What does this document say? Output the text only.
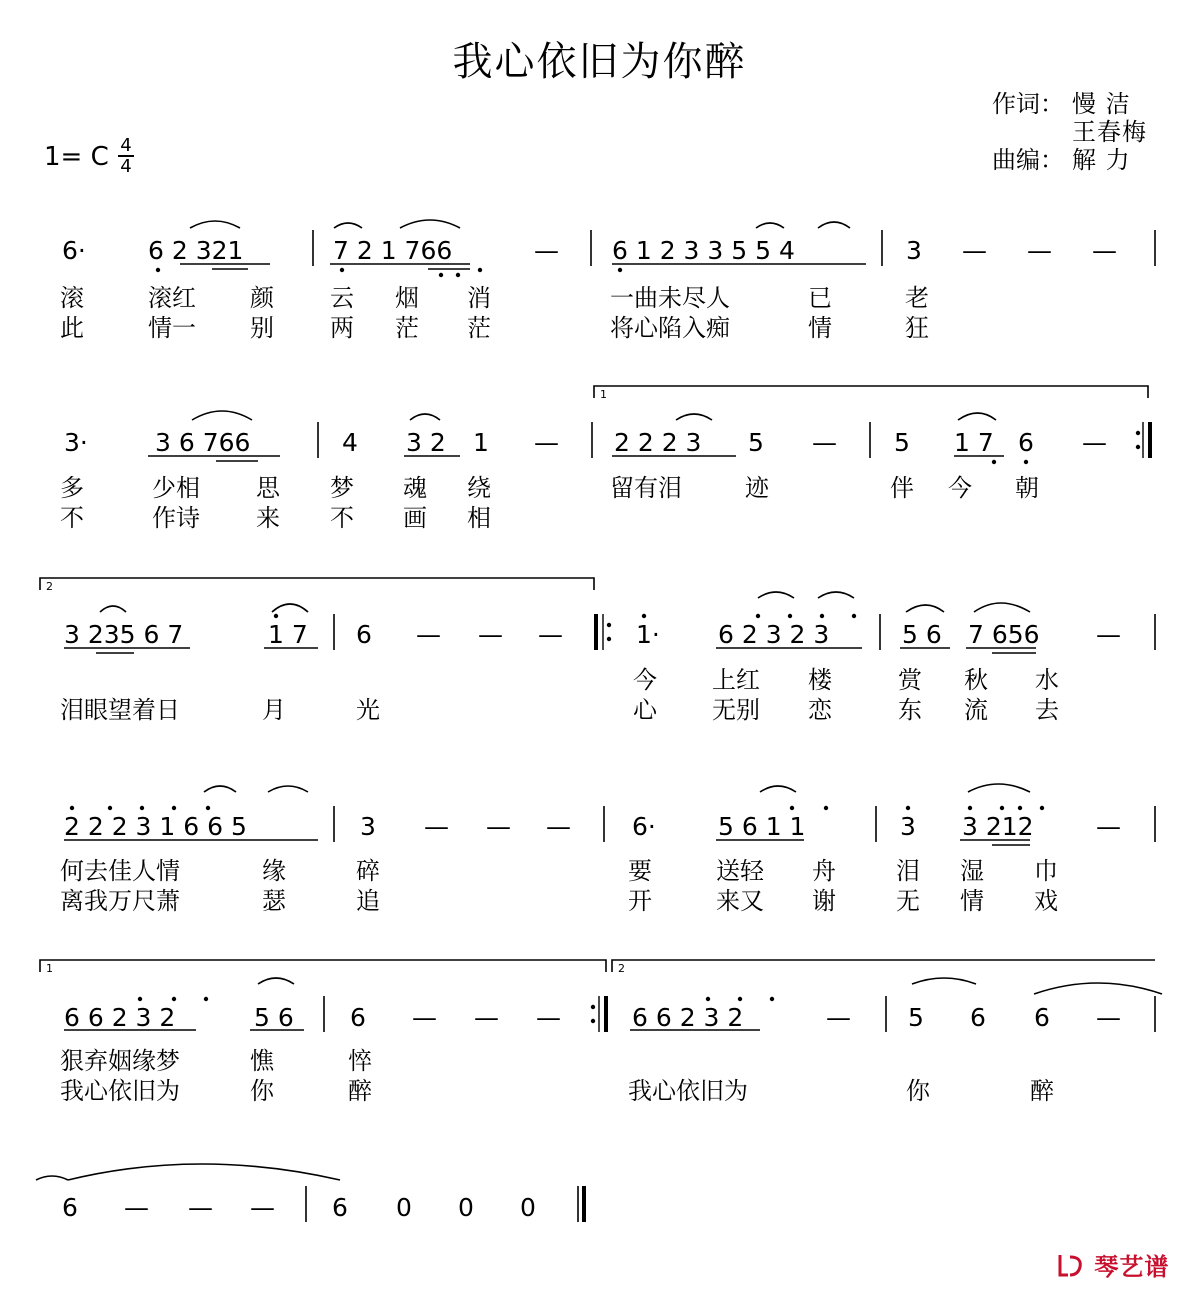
我心依旧为你醉
1= C 4
4
作词： 慢 洁
王春梅
曲编： 解 力
6· 6 2 321	7 2 1 766	— 6 1 2 3 3 5 5 4	3 — — —
滚	滚红 颜 云 烟 消	一曲未尽人	已	老
此	情一 别 两 茫 茫	将心陷入痴	情	狂
3·	3 6 766	4 3 2 1 — 2 2 2 3 5 — 5 1 7 6 —
多	少相 思 梦 魂 绕	留有泪	迹	伴 今 朝
不	作诗 来 不 画 相
3 235 6 7	1 7 6 — — —	1· 6 2 3 2 3	5 6 7 656 —
今 上红 楼	赏 秋 水
泪眼望着日	月	光	心 无别 恋	东 流 去
2 2 2 3 1 6 6 5	3 — — — 6· 5 6 1 1	3 3 212 —
何去佳人情	缘	碎	要	送轻 舟	泪 湿 巾
离我万尺萧	瑟	追	开	来又 谢	无 情 戏
6 6 2 3 2	5 6 6 — — —	6 6 2 3 2	— 5 6 6 —
狠弃姻缘梦	憔	悴
我心依旧为	你	醉	我心依旧为	你	醉
6 — — — 6 0 0 0
1
2
1	2
琴艺谱
